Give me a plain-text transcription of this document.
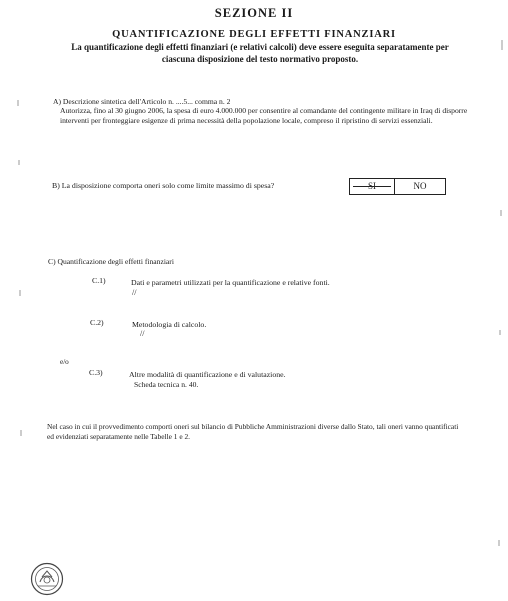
SEZIONE II
QUANTIFICAZIONE DEGLI EFFETTI FINANZIARI
La quantificazione degli effetti finanziari (e relativi calcoli) deve essere eseguita separatamente per ciascuna disposizione del testo normativo proposto.
A) Descrizione sintetica dell'Articolo n. ....5... comma n. 2
Autorizza, fino al 30 giugno 2006, la spesa di euro 4.000.000 per consentire al comandante del contingente militare in Iraq di disporre interventi per fronteggiare esigenze di prima necessità della popolazione locale, compreso il ripristino di servizi essenziali.
B) La disposizione comporta oneri solo come limite massimo di spesa?	SI	NO
C) Quantificazione degli effetti finanziari
C.1)	Dati e parametri utilizzati per la quantificazione e relative fonti.
//
C.2)	Metodologia di calcolo.
//
e/o
C.3)	Altre modalità di quantificazione e di valutazione.
Scheda tecnica n. 40.
Nel caso in cui il provvedimento comporti oneri sul bilancio di Pubbliche Amministrazioni diverse dallo Stato, tali oneri vanno quantificati ed evidenziati separatamente nelle Tabelle 1 e 2.
